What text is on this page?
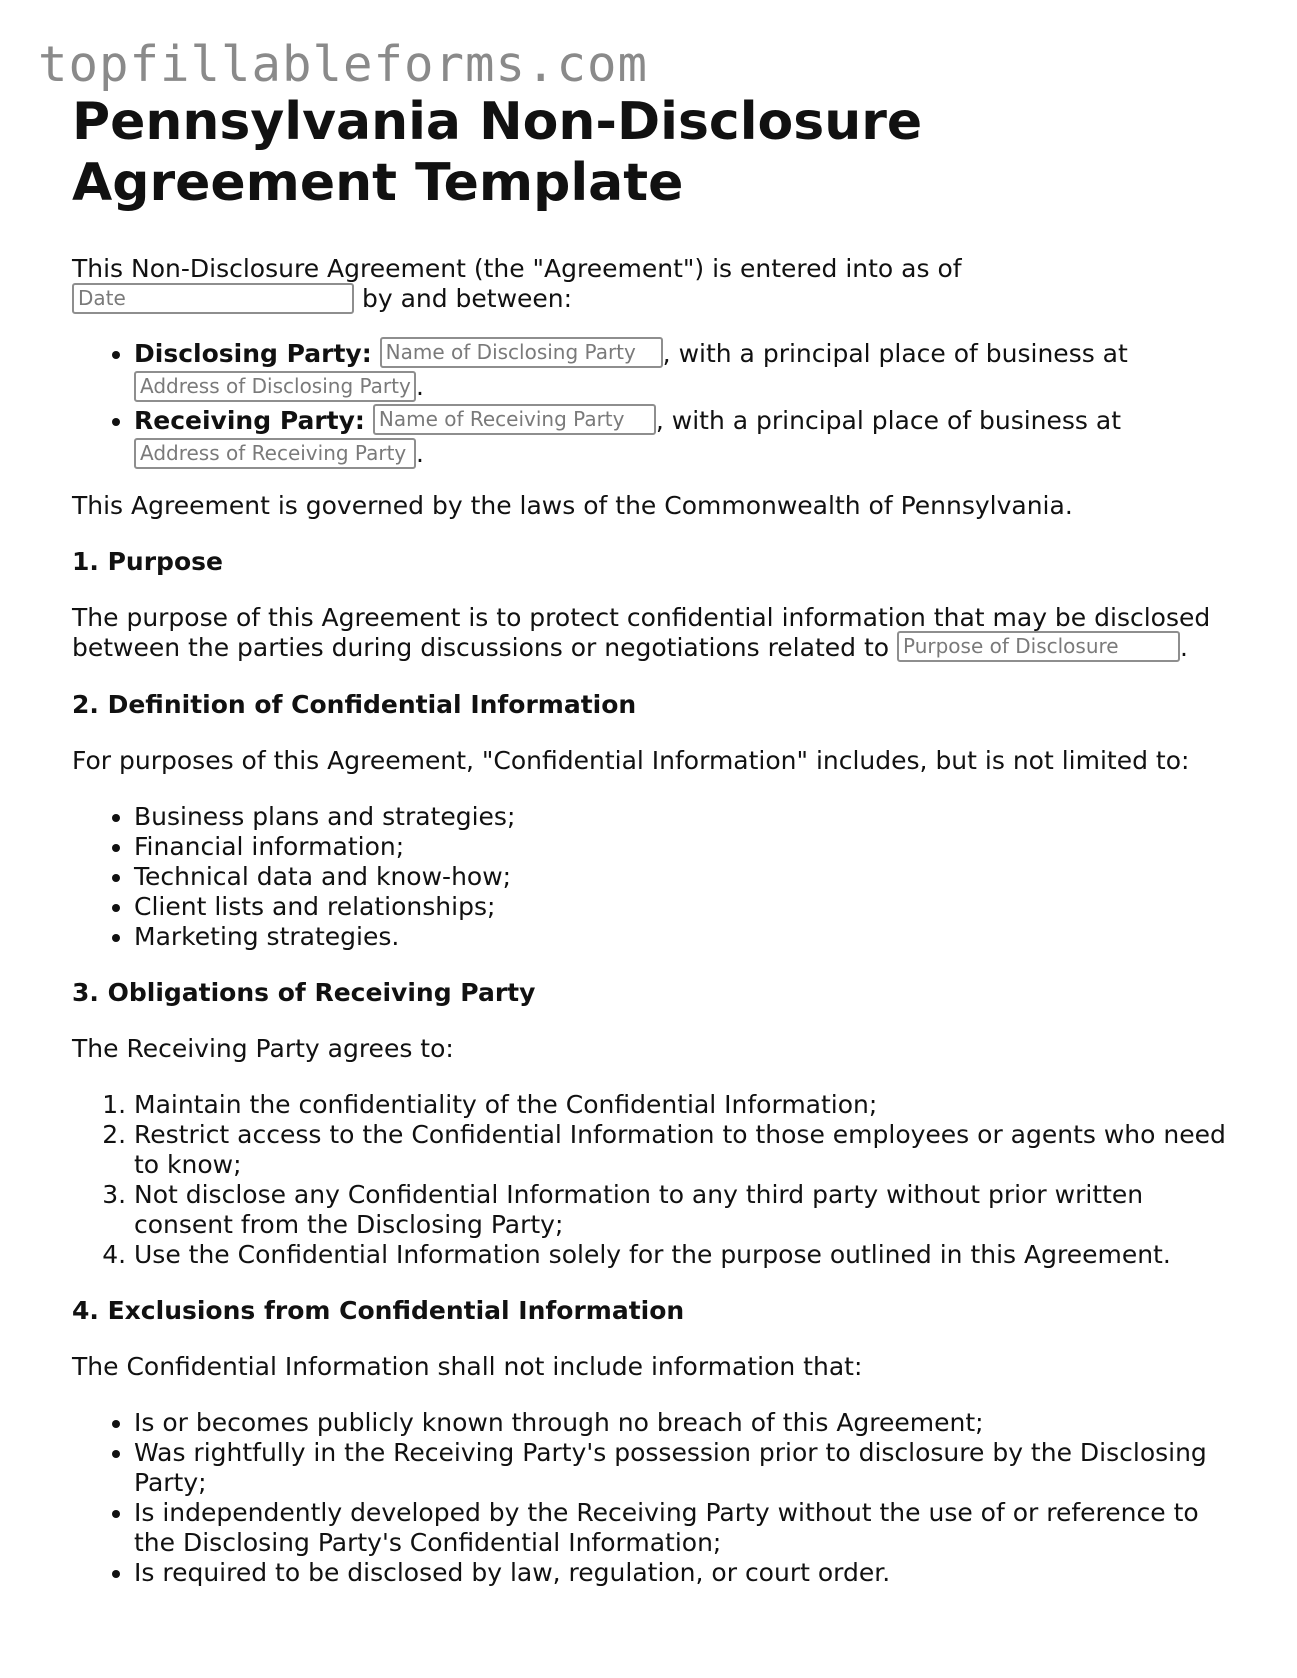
topfillableforms.com
Pennsylvania Non-Disclosure
Agreement Template

This Non-Disclosure Agreement (the "Agreement") is entered into as of
Date	by and between:

• Disclosing Party: Name of Disclosing Party , with a principal place of business at
Address of Disclosing Party .
• Receiving Party: Name of Receiving Party , with a principal place of business at
Address of Receiving Party .

This Agreement is governed by the laws of the Commonwealth of Pennsylvania.

1. Purpose

The purpose of this Agreement is to protect confidential information that may be disclosed between the parties during discussions or negotiations related to Purpose of Disclosure .

2. Definition of Confidential Information

For purposes of this Agreement, "Confidential Information" includes, but is not limited to:

• Business plans and strategies;
• Financial information;
• Technical data and know-how;
• Client lists and relationships;
• Marketing strategies.
3. Obligations of Receiving Party

The Receiving Party agrees to:

1. Maintain the confidentiality of the Confidential Information;
2. Restrict access to the Confidential Information to those employees or agents who need to know;
3. Not disclose any Confidential Information to any third party without prior written consent from the Disclosing Party;
4. Use the Confidential Information solely for the purpose outlined in this Agreement.
4. Exclusions from Confidential Information

The Confidential Information shall not include information that:

• Is or becomes publicly known through no breach of this Agreement;
• Was rightfully in the Receiving Party's possession prior to disclosure by the Disclosing Party;
• Is independently developed by the Receiving Party without the use of or reference to the Disclosing Party's Confidential Information;
• Is required to be disclosed by law, regulation, or court order.
